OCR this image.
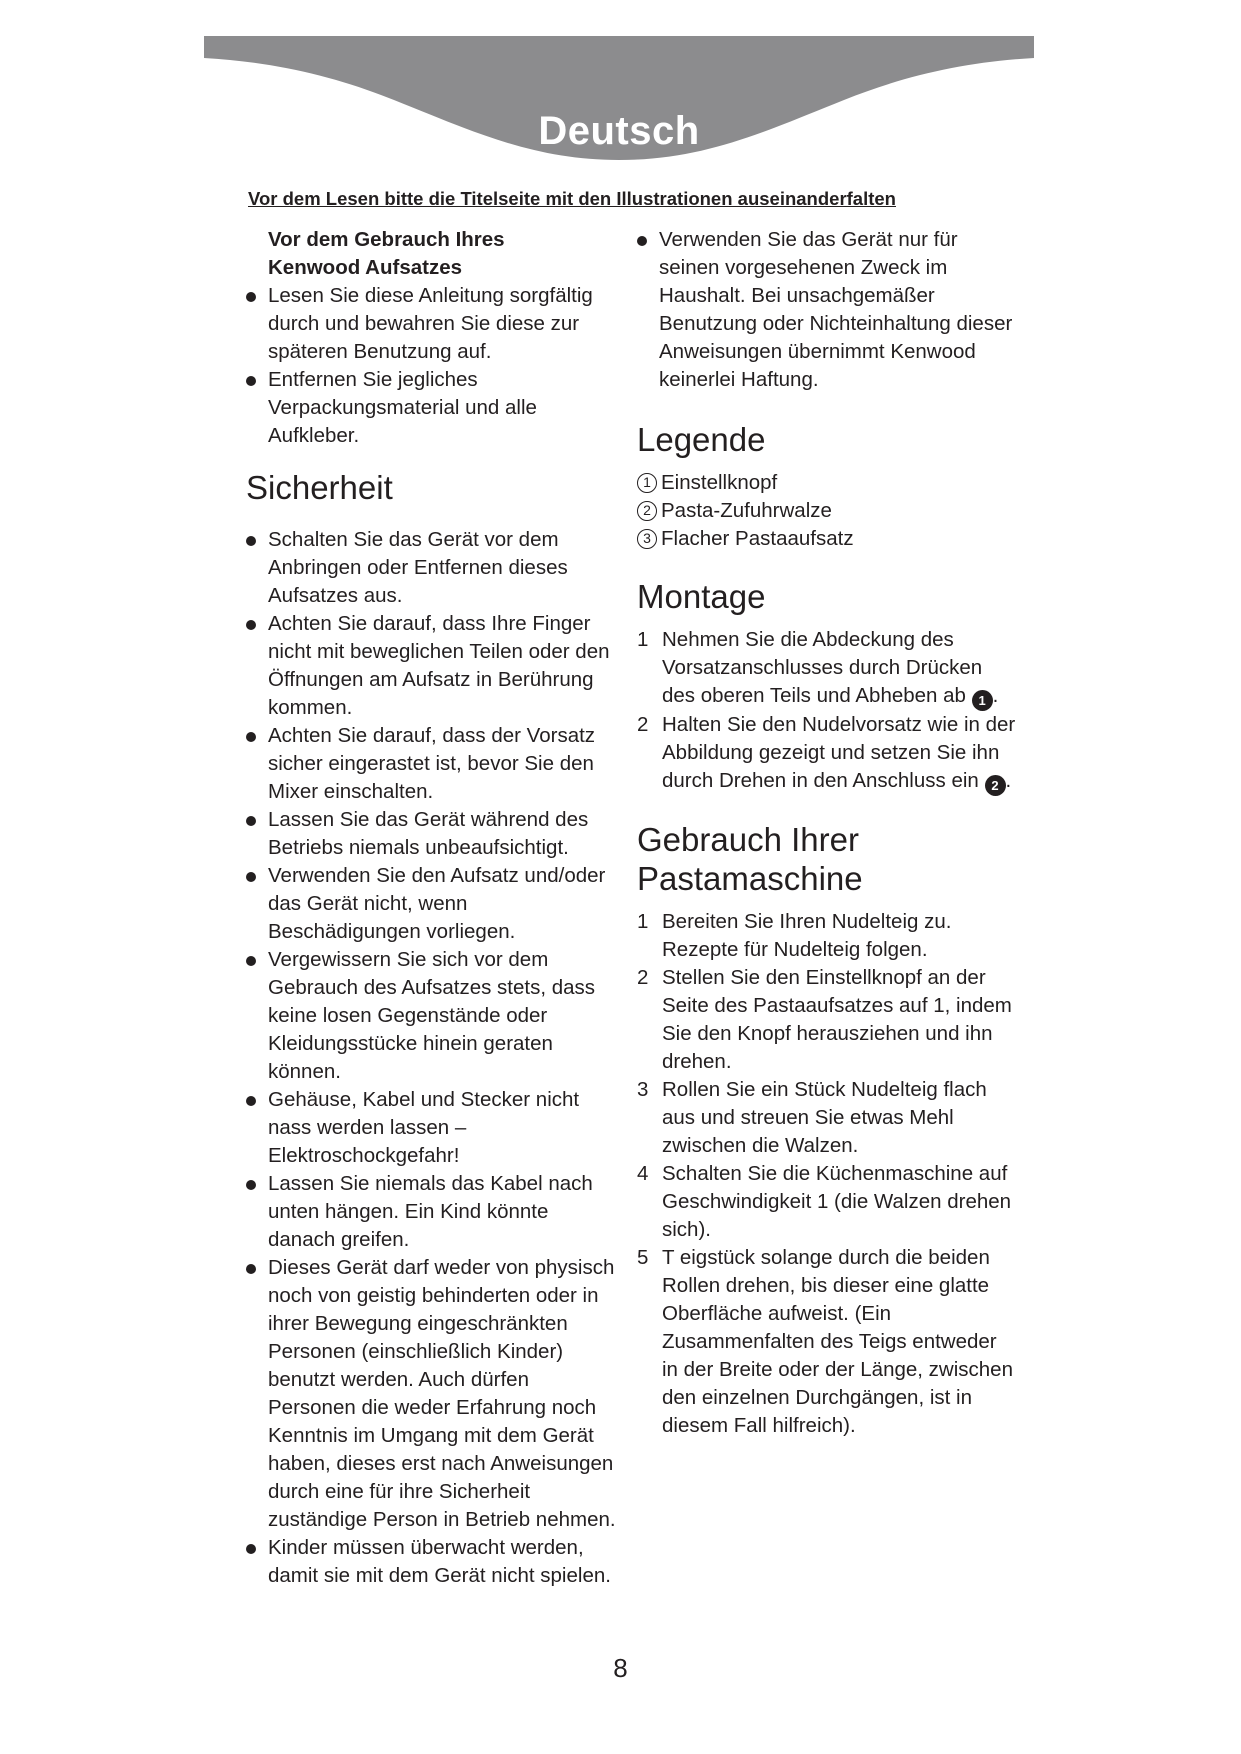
Deutsch
Vor dem Lesen bitte die Titelseite mit den Illustrationen auseinanderfalten
Vor dem Gebrauch Ihres
Kenwood Aufsatzes
Lesen Sie diese Anleitung sorgfältig durch und bewahren Sie diese zur späteren Benutzung auf.
Entfernen Sie jegliches Verpackungsmaterial und alle Aufkleber.
Sicherheit
Schalten Sie das Gerät vor dem Anbringen oder Entfernen dieses Aufsatzes aus.
Achten Sie darauf, dass Ihre Finger nicht mit beweglichen Teilen oder den Öffnungen am Aufsatz in Berührung kommen.
Achten Sie darauf, dass der Vorsatz sicher eingerastet ist, bevor Sie den Mixer einschalten.
Lassen Sie das Gerät während des Betriebs niemals unbeaufsichtigt.
Verwenden Sie den Aufsatz und/oder das Gerät nicht, wenn Beschädigungen vorliegen.
Vergewissern Sie sich vor dem Gebrauch des Aufsatzes stets, dass keine losen Gegenstände oder Kleidungsstücke hinein geraten können.
Gehäuse, Kabel und Stecker nicht nass werden lassen – Elektroschockgefahr!
Lassen Sie niemals das Kabel nach unten hängen. Ein Kind könnte danach greifen.
Dieses Gerät darf weder von physisch noch von geistig behinderten oder in ihrer Bewegung eingeschränkten Personen (einschließlich Kinder) benutzt werden. Auch dürfen Personen die weder Erfahrung noch Kenntnis im Umgang mit dem Gerät haben, dieses erst nach Anweisungen durch eine für ihre Sicherheit zuständige Person in Betrieb nehmen.
Kinder müssen überwacht werden, damit sie mit dem Gerät nicht spielen.
Verwenden Sie das Gerät nur für seinen vorgesehenen Zweck im Haushalt. Bei unsachgemäßer Benutzung oder Nichteinhaltung dieser Anweisungen übernimmt Kenwood keinerlei Haftung.
Legende
1 Einstellknopf
2 Pasta-Zufuhrwalze
3 Flacher Pastaaufsatz
Montage
1 Nehmen Sie die Abdeckung des Vorsatzanschlusses durch Drücken des oberen Teils und Abheben ab 1 .
2 Halten Sie den Nudelvorsatz wie in der Abbildung gezeigt und setzen Sie ihn durch Drehen in den Anschluss ein 2 .
Gebrauch Ihrer
Pastamaschine
1 Bereiten Sie Ihren Nudelteig zu. Rezepte für Nudelteig folgen.
2 Stellen Sie den Einstellknopf an der Seite des Pastaaufsatzes auf 1, indem Sie den Knopf herausziehen und ihn drehen.
3 Rollen Sie ein Stück Nudelteig flach aus und streuen Sie etwas Mehl zwischen die Walzen.
4 Schalten Sie die Küchenmaschine auf Geschwindigkeit 1 (die Walzen drehen sich).
5 T eigstück solange durch die beiden Rollen drehen, bis dieser eine glatte Oberfläche aufweist. (Ein Zusammenfalten des Teigs entweder in der Breite oder der Länge, zwischen den einzelnen Durchgängen, ist in diesem Fall hilfreich).
8
